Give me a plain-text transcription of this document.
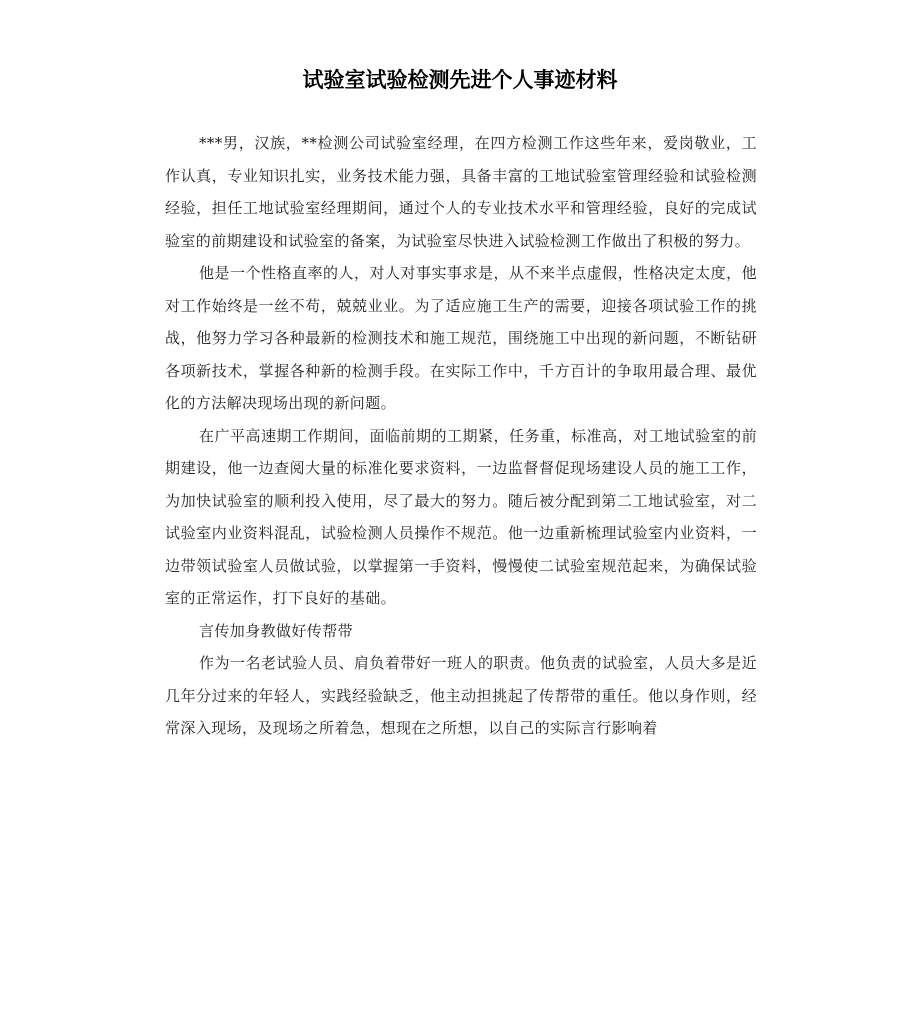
试验室试验检测先进个人事迹材料

***男，汉族，**检测公司试验室经理，在四方检测工作这些年来，爱岗敬业，工作认真，专业知识扎实，业务技术能力强，具备丰富的工地试验室管理经验和试验检测经验，担任工地试验室经理期间，通过个人的专业技术水平和管理经验，良好的完成试验室的前期建设和试验室的备案，为试验室尽快进入试验检测工作做出了积极的努力。

他是一个性格直率的人，对人对事实事求是，从不来半点虚假，性格决定太度，他对工作始终是一丝不苟，兢兢业业。为了适应施工生产的需要，迎接各项试验工作的挑战，他努力学习各种最新的检测技术和施工规范，围绕施工中出现的新问题，不断钻研各项新技术，掌握各种新的检测手段。在实际工作中，千方百计的争取用最合理、最优化的方法解决现场出现的新问题。

在广平高速期工作期间，面临前期的工期紧，任务重，标准高，对工地试验室的前期建设，他一边查阅大量的标准化要求资料，一边监督督促现场建设人员的施工工作，为加快试验室的顺利投入使用，尽了最大的努力。随后被分配到第二工地试验室，对二试验室内业资料混乱，试验检测人员操作不规范。他一边重新梳理试验室内业资料，一边带领试验室人员做试验，以掌握第一手资料，慢慢使二试验室规范起来，为确保试验室的正常运作，打下良好的基础。

言传加身教做好传帮带

作为一名老试验人员、肩负着带好一班人的职责。他负责的试验室，人员大多是近几年分过来的年轻人，实践经验缺乏，他主动担挑起了传帮带的重任。他以身作则，经常深入现场，及现场之所着急，想现在之所想，以自己的实际言行影响着
